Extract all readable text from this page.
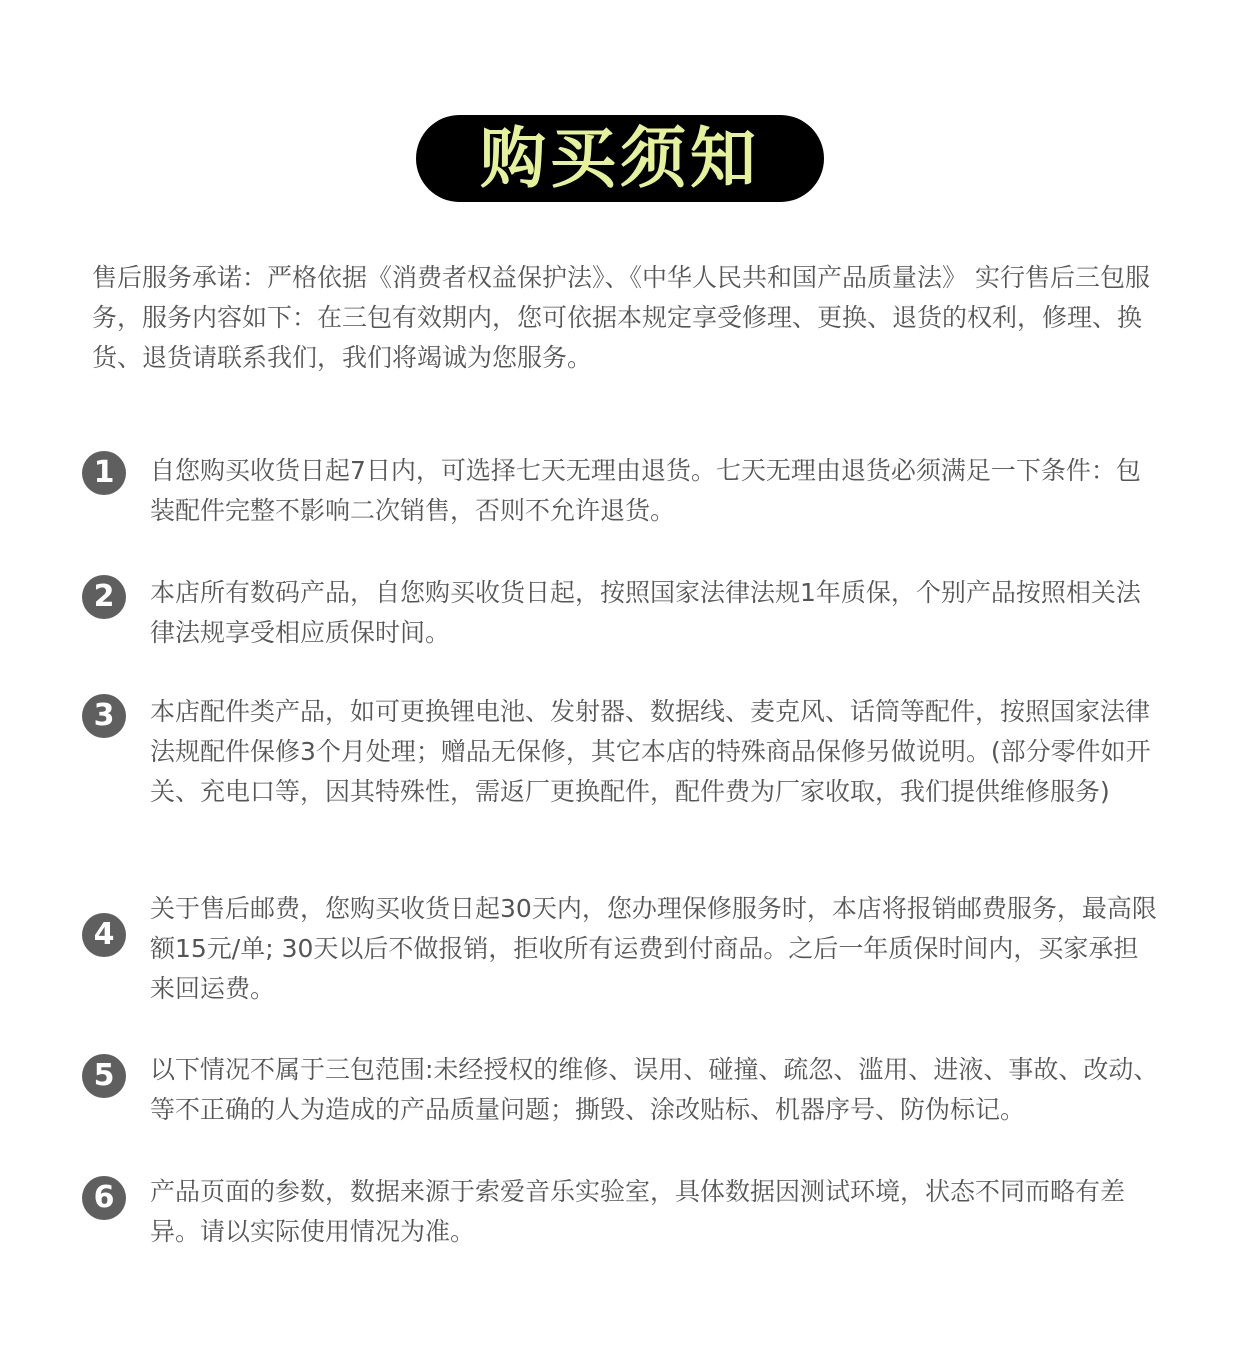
购买须知

售后服务承诺：严格依据《消费者权益保护法》、《中华人民共和国产品质量法》 实行售后三包服务，服务内容如下：在三包有效期内，您可依据本规定享受修理、更换、退货的权利，修理、换货、退货请联系我们，我们将竭诚为您服务。

1	自您购买收货日起7日内，可选择七天无理由退货。七天无理由退货必须满足一下条件：包装配件完整不影响二次销售，否则不允许退货。

2	本店所有数码产品，自您购买收货日起，按照国家法律法规1年质保，个别产品按照相关法律法规享受相应质保时间。

3	本店配件类产品，如可更换锂电池、发射器、数据线、麦克风、话筒等配件，按照国家法律法规配件保修3个月处理；赠品无保修，其它本店的特殊商品保修另做说明。(部分零件如开关、充电口等，因其特殊性，需返厂更换配件，配件费为厂家收取，我们提供维修服务)

4

关于售后邮费，您购买收货日起30天内，您办理保修服务时，本店将报销邮费服务，最高限额15元/单; 30天以后不做报销，拒收所有运费到付商品。之后一年质保时间内，买家承担来回运费。

5	以下情况不属于三包范围:未经授权的维修、误用、碰撞、疏忽、滥用、进液、事故、改动、等不正确的人为造成的产品质量问题；撕毁、涂改贴标、机器序号、防伪标记。

6	产品页面的参数，数据来源于索爱音乐实验室，具体数据因测试环境，状态不同而略有差异。请以实际使用情况为准。
